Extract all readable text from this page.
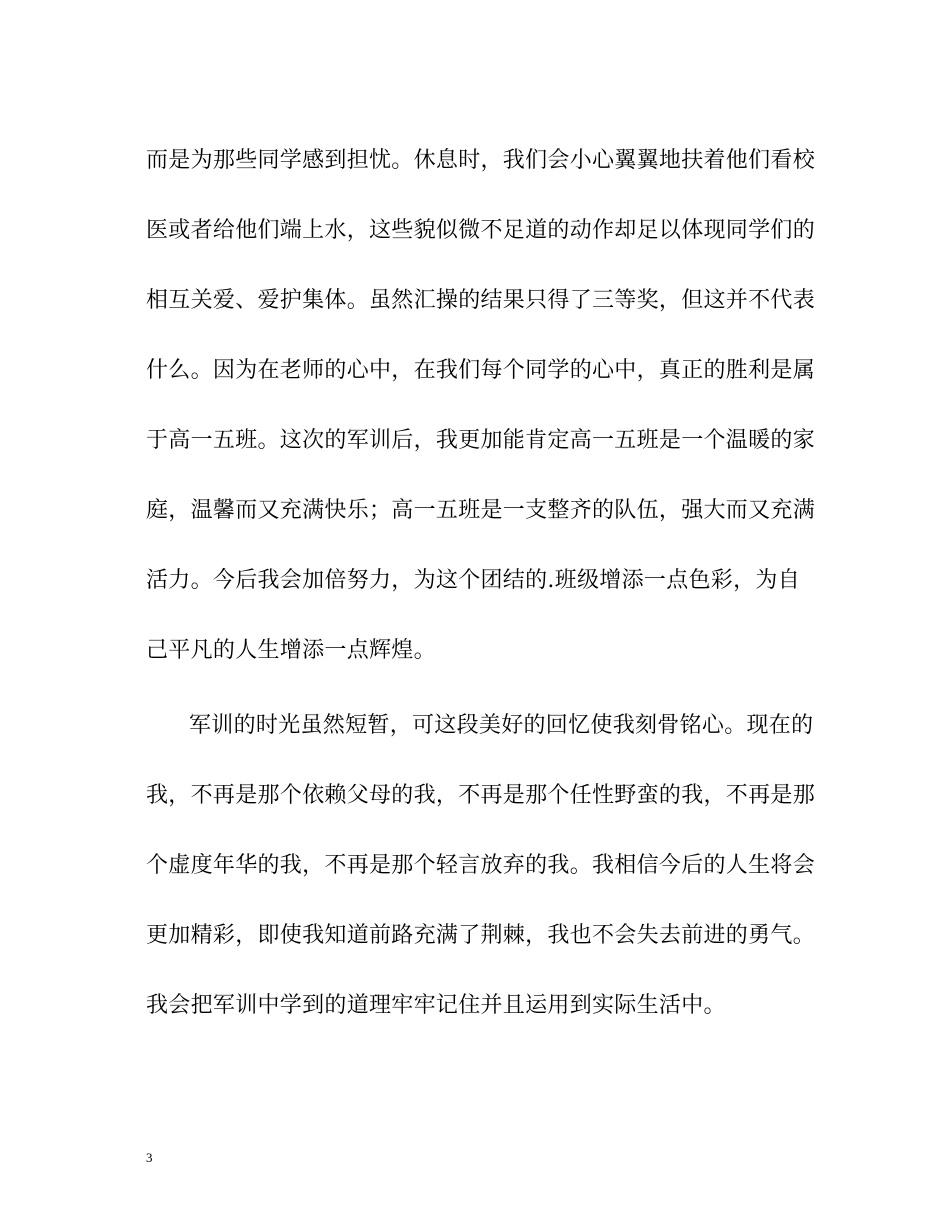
而是为那些同学感到担忧。休息时，我们会小心翼翼地扶着他们看校
医或者给他们端上水，这些貌似微不足道的动作却足以体现同学们的
相互关爱、爱护集体。虽然汇操的结果只得了三等奖，但这并不代表
什么。因为在老师的心中，在我们每个同学的心中，真正的胜利是属
于高一五班。这次的军训后，我更加能肯定高一五班是一个温暖的家
庭，温馨而又充满快乐；高一五班是一支整齐的队伍，强大而又充满
活力。今后我会加倍努力，为这个团结的.班级增添一点色彩，为自
己平凡的人生增添一点辉煌。
军训的时光虽然短暂，可这段美好的回忆使我刻骨铭心。现在的
我，不再是那个依赖父母的我，不再是那个任性野蛮的我，不再是那
个虚度年华的我，不再是那个轻言放弃的我。我相信今后的人生将会
更加精彩，即使我知道前路充满了荆棘，我也不会失去前进的勇气。
我会把军训中学到的道理牢牢记住并且运用到实际生活中。
3
